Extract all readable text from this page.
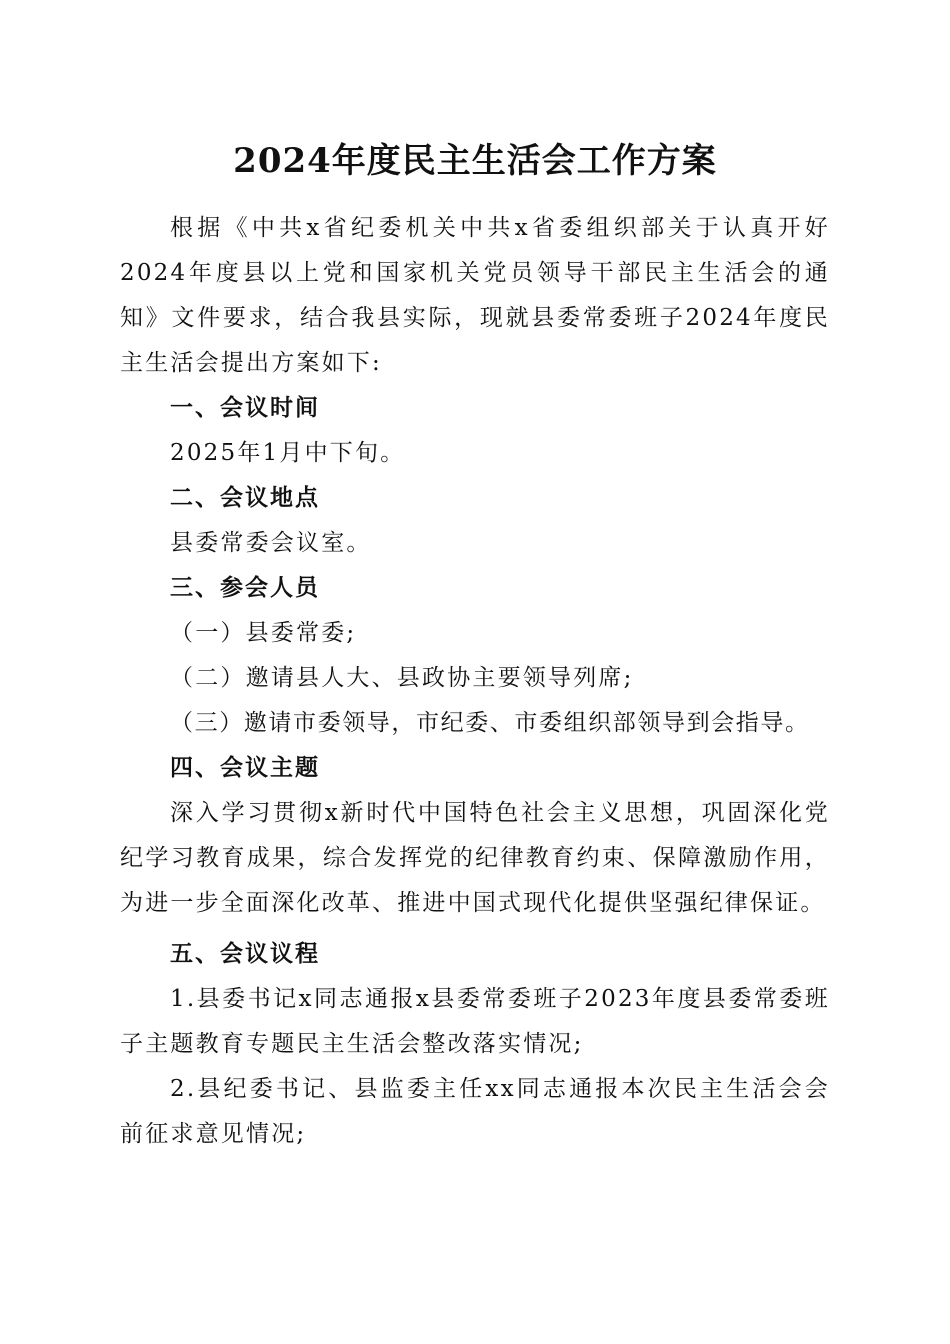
2024年度民主生活会工作方案

根据《中共x省纪委机关中共x省委组织部关于认真开好2024年度县以上党和国家机关党员领导干部民主生活会的通知》文件要求，结合我县实际，现就县委常委班子2024年度民主生活会提出方案如下:

一、会议时间

2025年1月中下旬。

二、会议地点

县委常委会议室。

三、参会人员

（一）县委常委;

（二）邀请县人大、县政协主要领导列席;

（三）邀请市委领导，市纪委、市委组织部领导到会指导。

四、会议主题

深入学习贯彻x新时代中国特色社会主义思想，巩固深化党纪学习教育成果，综合发挥党的纪律教育约束、保障激励作用，为进一步全面深化改革、推进中国式现代化提供坚强纪律保证。

五、会议议程

1.县委书记x同志通报x县委常委班子2023年度县委常委班子主题教育专题民主生活会整改落实情况;

2.县纪委书记、县监委主任xx同志通报本次民主生活会会前征求意见情况;
